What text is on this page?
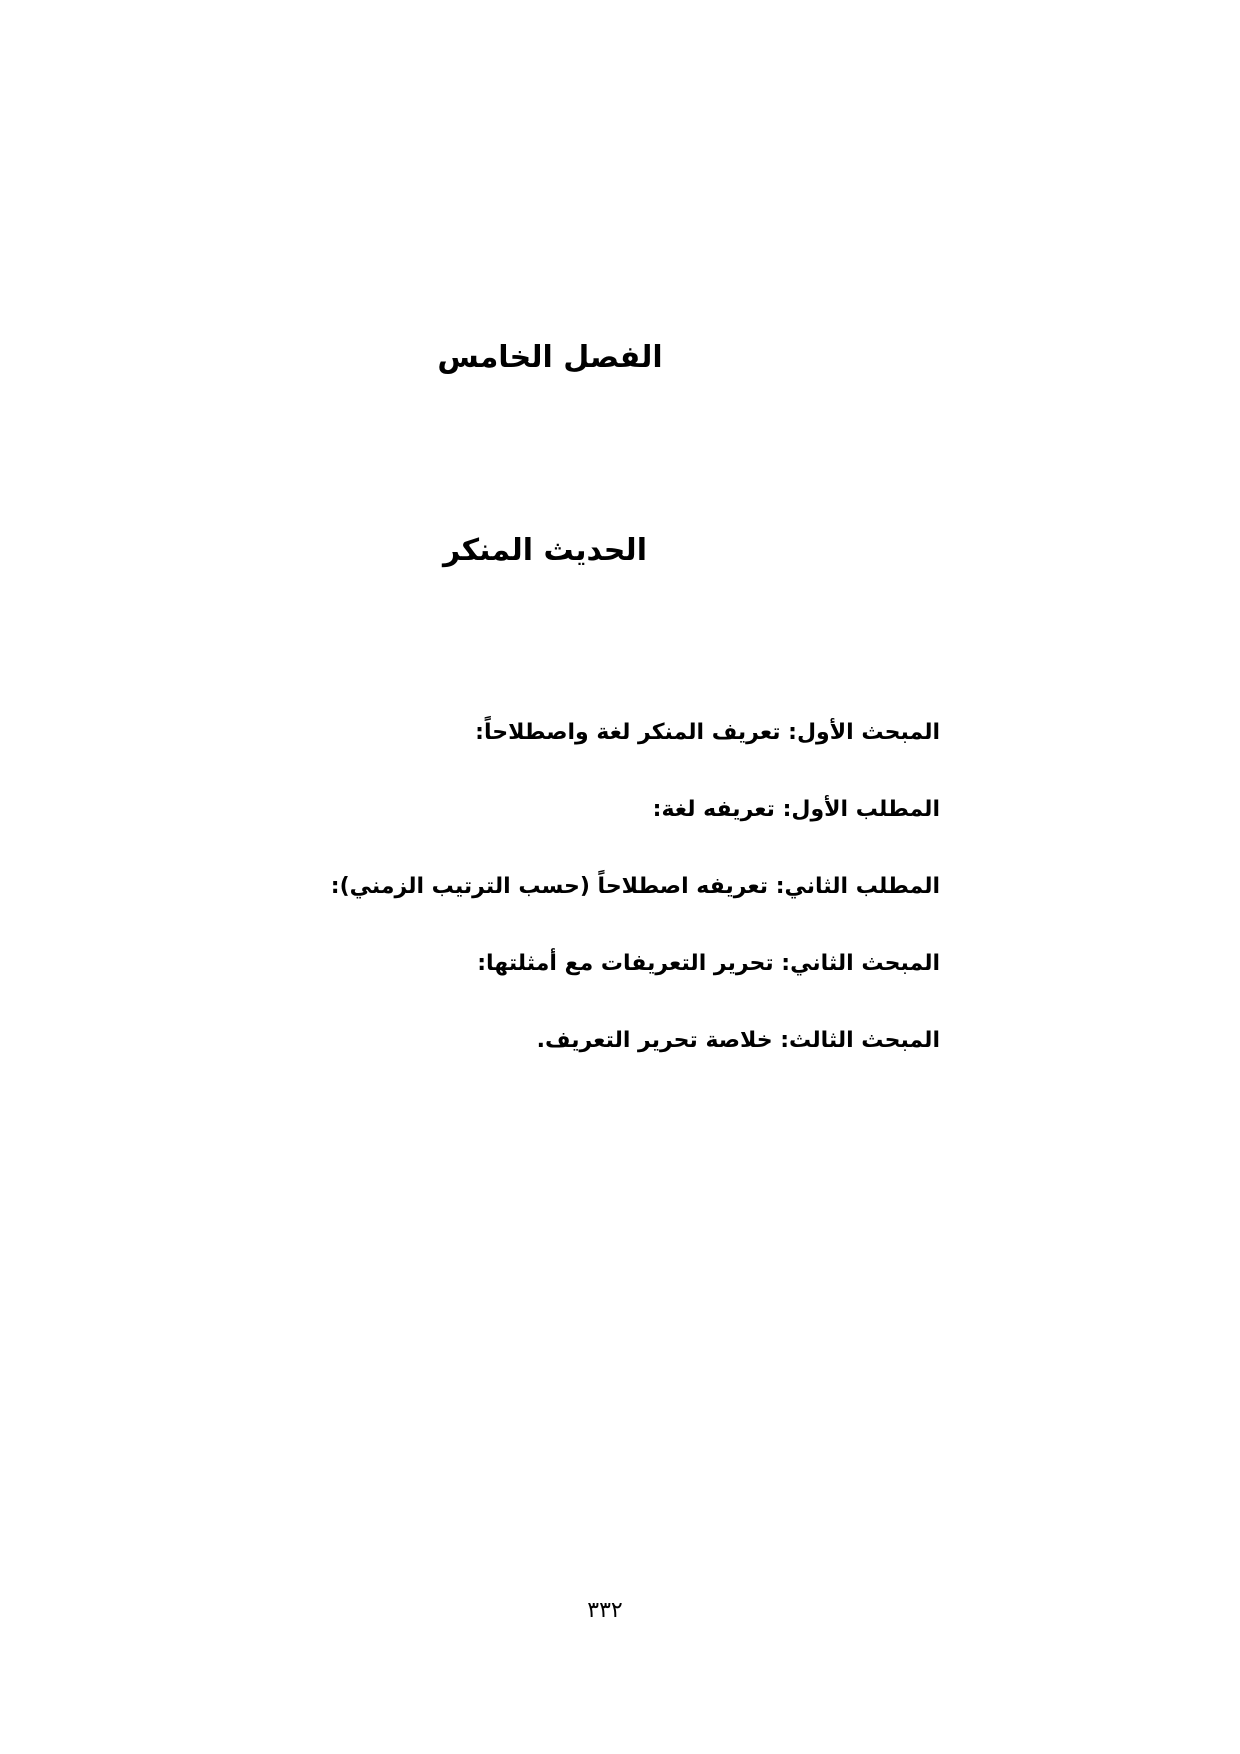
الفصل الخامس
الحديث المنكر
المبحث الأول: تعريف المنكر لغة واصطلاحاً:
المطلب الأول: تعريفه لغة:
المطلب الثاني: تعريفه اصطلاحاً (حسب الترتيب الزمني):
المبحث الثاني: تحرير التعريفات مع أمثلتها:
المبحث الثالث: خلاصة تحرير التعريف.
٣٣٢
